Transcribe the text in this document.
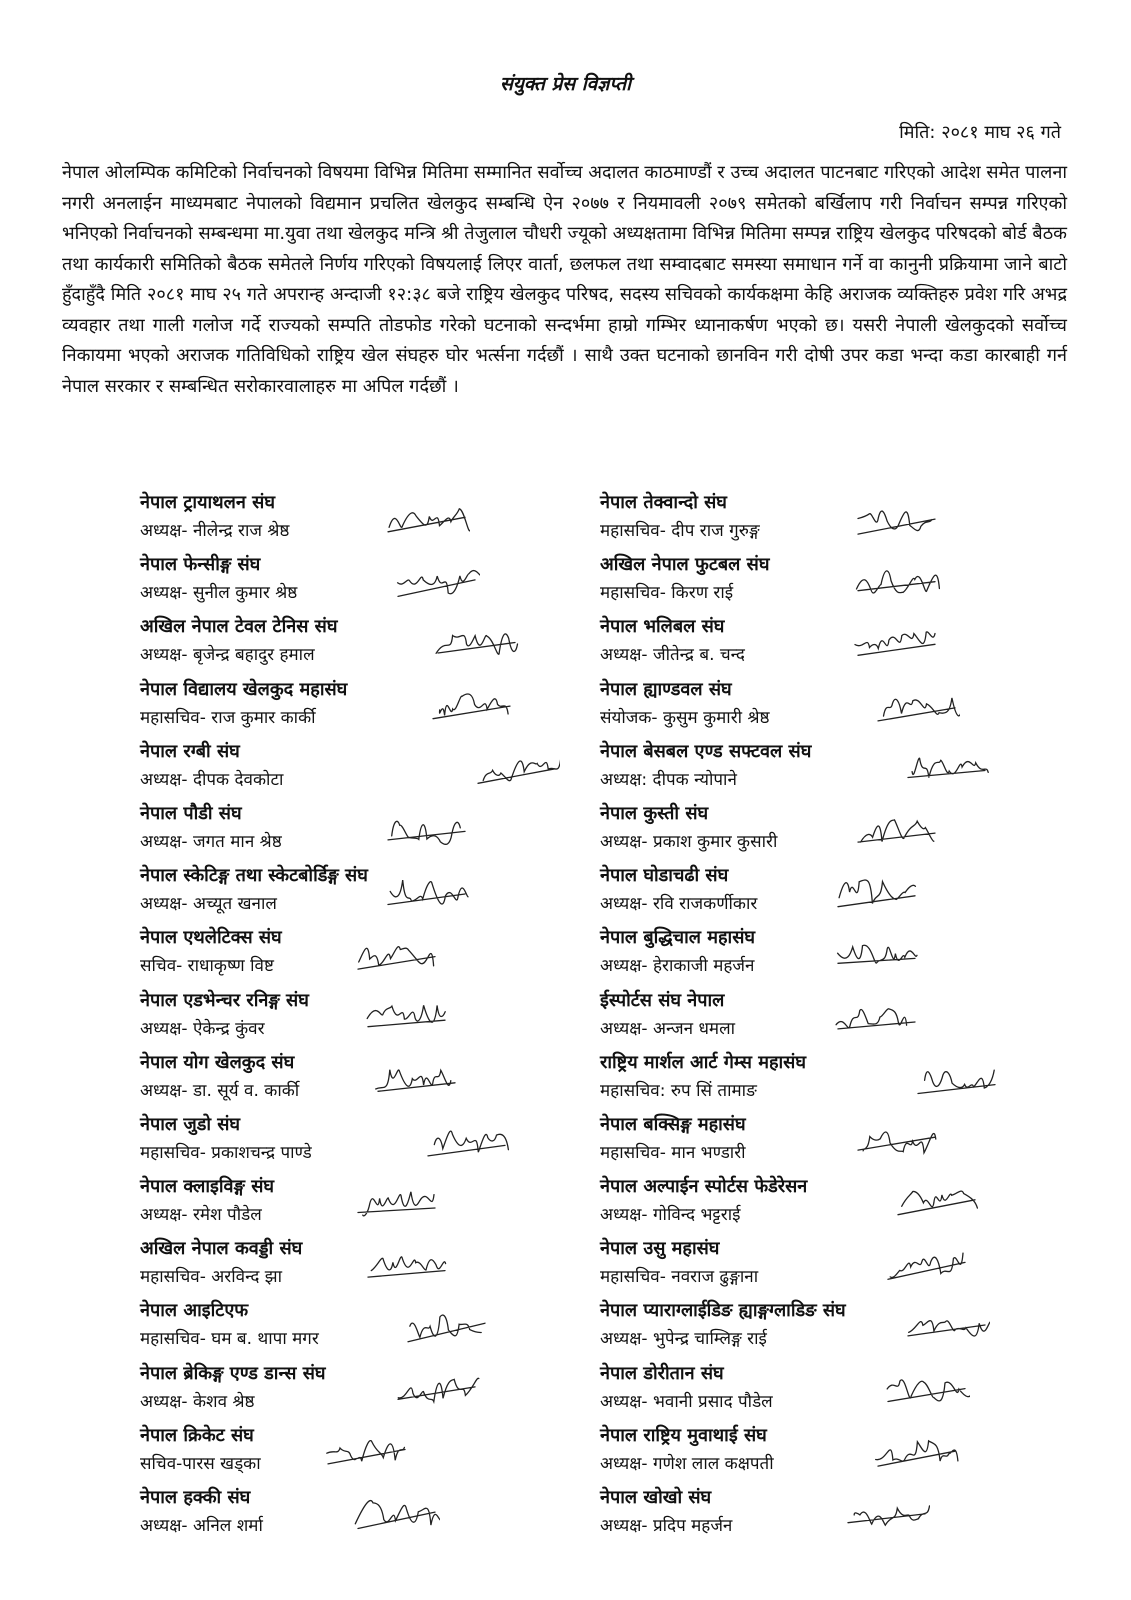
संयुक्त प्रेस विज्ञप्ती
मिति: २०८१ माघ २६ गते
नेपाल ओलम्पिक कमिटिको निर्वाचनको विषयमा विभिन्न मितिमा सम्मानित सर्वोच्च अदालत काठमाण्डौं र उच्च अदालत पाटनबाट गरिएको आदेश समेत पालना नगरी अनलाईन माध्यमबाट नेपालको विद्यमान प्रचलित खेलकुद सम्बन्धि ऐन २०७७ र नियमावली २०७९ समेतको बर्खिलाप गरी निर्वाचन सम्पन्न गरिएको भनिएको निर्वाचनको सम्बन्धमा मा.युवा तथा खेलकुद मन्त्रि श्री तेजुलाल चौधरी ज्यूको अध्यक्षतामा विभिन्न मितिमा सम्पन्न राष्ट्रिय खेलकुद परिषदको बोर्ड बैठक तथा कार्यकारी समितिको बैठक समेतले निर्णय गरिएको विषयलाई लिएर वार्ता, छलफल तथा सम्वादबाट समस्या समाधान गर्ने वा कानुनी प्रक्रियामा जाने बाटो हुँदाहुँदै मिति २०८१ माघ २५ गते अपरान्ह अन्दाजी १२:३८ बजे राष्ट्रिय खेलकुद परिषद, सदस्य सचिवको कार्यकक्षमा केहि अराजक व्यक्तिहरु प्रवेश गरि अभद्र व्यवहार तथा गाली गलोज गर्दे राज्यको सम्पति तोडफोड गरेको घटनाको सन्दर्भमा हाम्रो गम्भिर ध्यानाकर्षण भएको छ। यसरी नेपाली खेलकुदको सर्वोच्च निकायमा भएको अराजक गतिविधिको राष्ट्रिय खेल संघहरु घोर भर्त्सना गर्दछौं । साथै उक्त घटनाको छानविन गरी दोषी उपर कडा भन्दा कडा कारबाही गर्न नेपाल सरकार र सम्बन्धित सरोकारवालाहरु मा अपिल गर्दछौं ।
नेपाल ट्रायाथलन संघ
अध्यक्ष- नीलेन्द्र राज श्रेष्ठ
नेपाल फेन्सीङ्ग संघ
अध्यक्ष- सुनील कुमार श्रेष्ठ
अखिल नेपाल टेवल टेनिस संघ
अध्यक्ष- बृजेन्द्र बहादुर हमाल
नेपाल विद्यालय खेलकुद महासंघ
महासचिव- राज कुमार कार्की
नेपाल रग्बी संघ
अध्यक्ष- दीपक देवकोटा
नेपाल पौडी संघ
अध्यक्ष- जगत मान श्रेष्ठ
नेपाल स्केटिङ्ग तथा स्केटबोर्डिङ्ग संघ
अध्यक्ष- अच्यूत खनाल
नेपाल एथलेटिक्स संघ
सचिव- राधाकृष्ण विष्ट
नेपाल एडभेन्चर रनिङ्ग संघ
अध्यक्ष- ऐकेन्द्र कुंवर
नेपाल योग खेलकुद संघ
अध्यक्ष- डा. सूर्य व. कार्की
नेपाल जुडो संघ
महासचिव- प्रकाशचन्द्र पाण्डे
नेपाल क्लाइविङ्ग संघ
अध्यक्ष- रमेश पौडेल
अखिल नेपाल कवड्डी संघ
महासचिव- अरविन्द झा
नेपाल आइटिएफ
महासचिव- घम ब. थापा मगर
नेपाल ब्रेकिङ्ग एण्ड डान्स संघ
अध्यक्ष- केशव श्रेष्ठ
नेपाल क्रिकेट संघ
सचिव-पारस खड्का
नेपाल हक्की संघ
अध्यक्ष- अनिल शर्मा
नेपाल तेक्वान्दो संघ
महासचिव- दीप राज गुरुङ्ग
अखिल नेपाल फुटबल संघ
महासचिव- किरण राई
नेपाल भलिबल संघ
अध्यक्ष- जीतेन्द्र ब. चन्द
नेपाल ह्याण्डवल संघ
संयोजक- कुसुम कुमारी श्रेष्ठ
नेपाल बेसबल एण्ड सफ्टवल संघ
अध्यक्ष: दीपक न्योपाने
नेपाल कुस्ती संघ
अध्यक्ष- प्रकाश कुमार कुसारी
नेपाल घोडाचढी संघ
अध्यक्ष- रवि राजकर्णीकार
नेपाल बुद्धिचाल महासंघ
अध्यक्ष- हेराकाजी महर्जन
ईस्पोर्टस संघ नेपाल
अध्यक्ष- अन्जन धमला
राष्ट्रिय मार्शल आर्ट गेम्स महासंघ
महासचिव: रुप सिं तामाङ
नेपाल बक्सिङ्ग महासंघ
महासचिव- मान भण्डारी
नेपाल अल्पाईन स्पोर्टस फेडेरेसन
अध्यक्ष- गोविन्द भट्टराई
नेपाल उसु महासंघ
महासचिव- नवराज ढुङ्गाना
नेपाल प्याराग्लाईडिङ ह्याङ्गग्लाडिङ संघ
अध्यक्ष- भुपेन्द्र चाम्लिङ्ग राई
नेपाल डोरीतान संघ
अध्यक्ष- भवानी प्रसाद पौडेल
नेपाल राष्ट्रिय मुवाथाई संघ
अध्यक्ष- गणेश लाल कक्षपती
नेपाल खोखो संघ
अध्यक्ष- प्रदिप महर्जन
